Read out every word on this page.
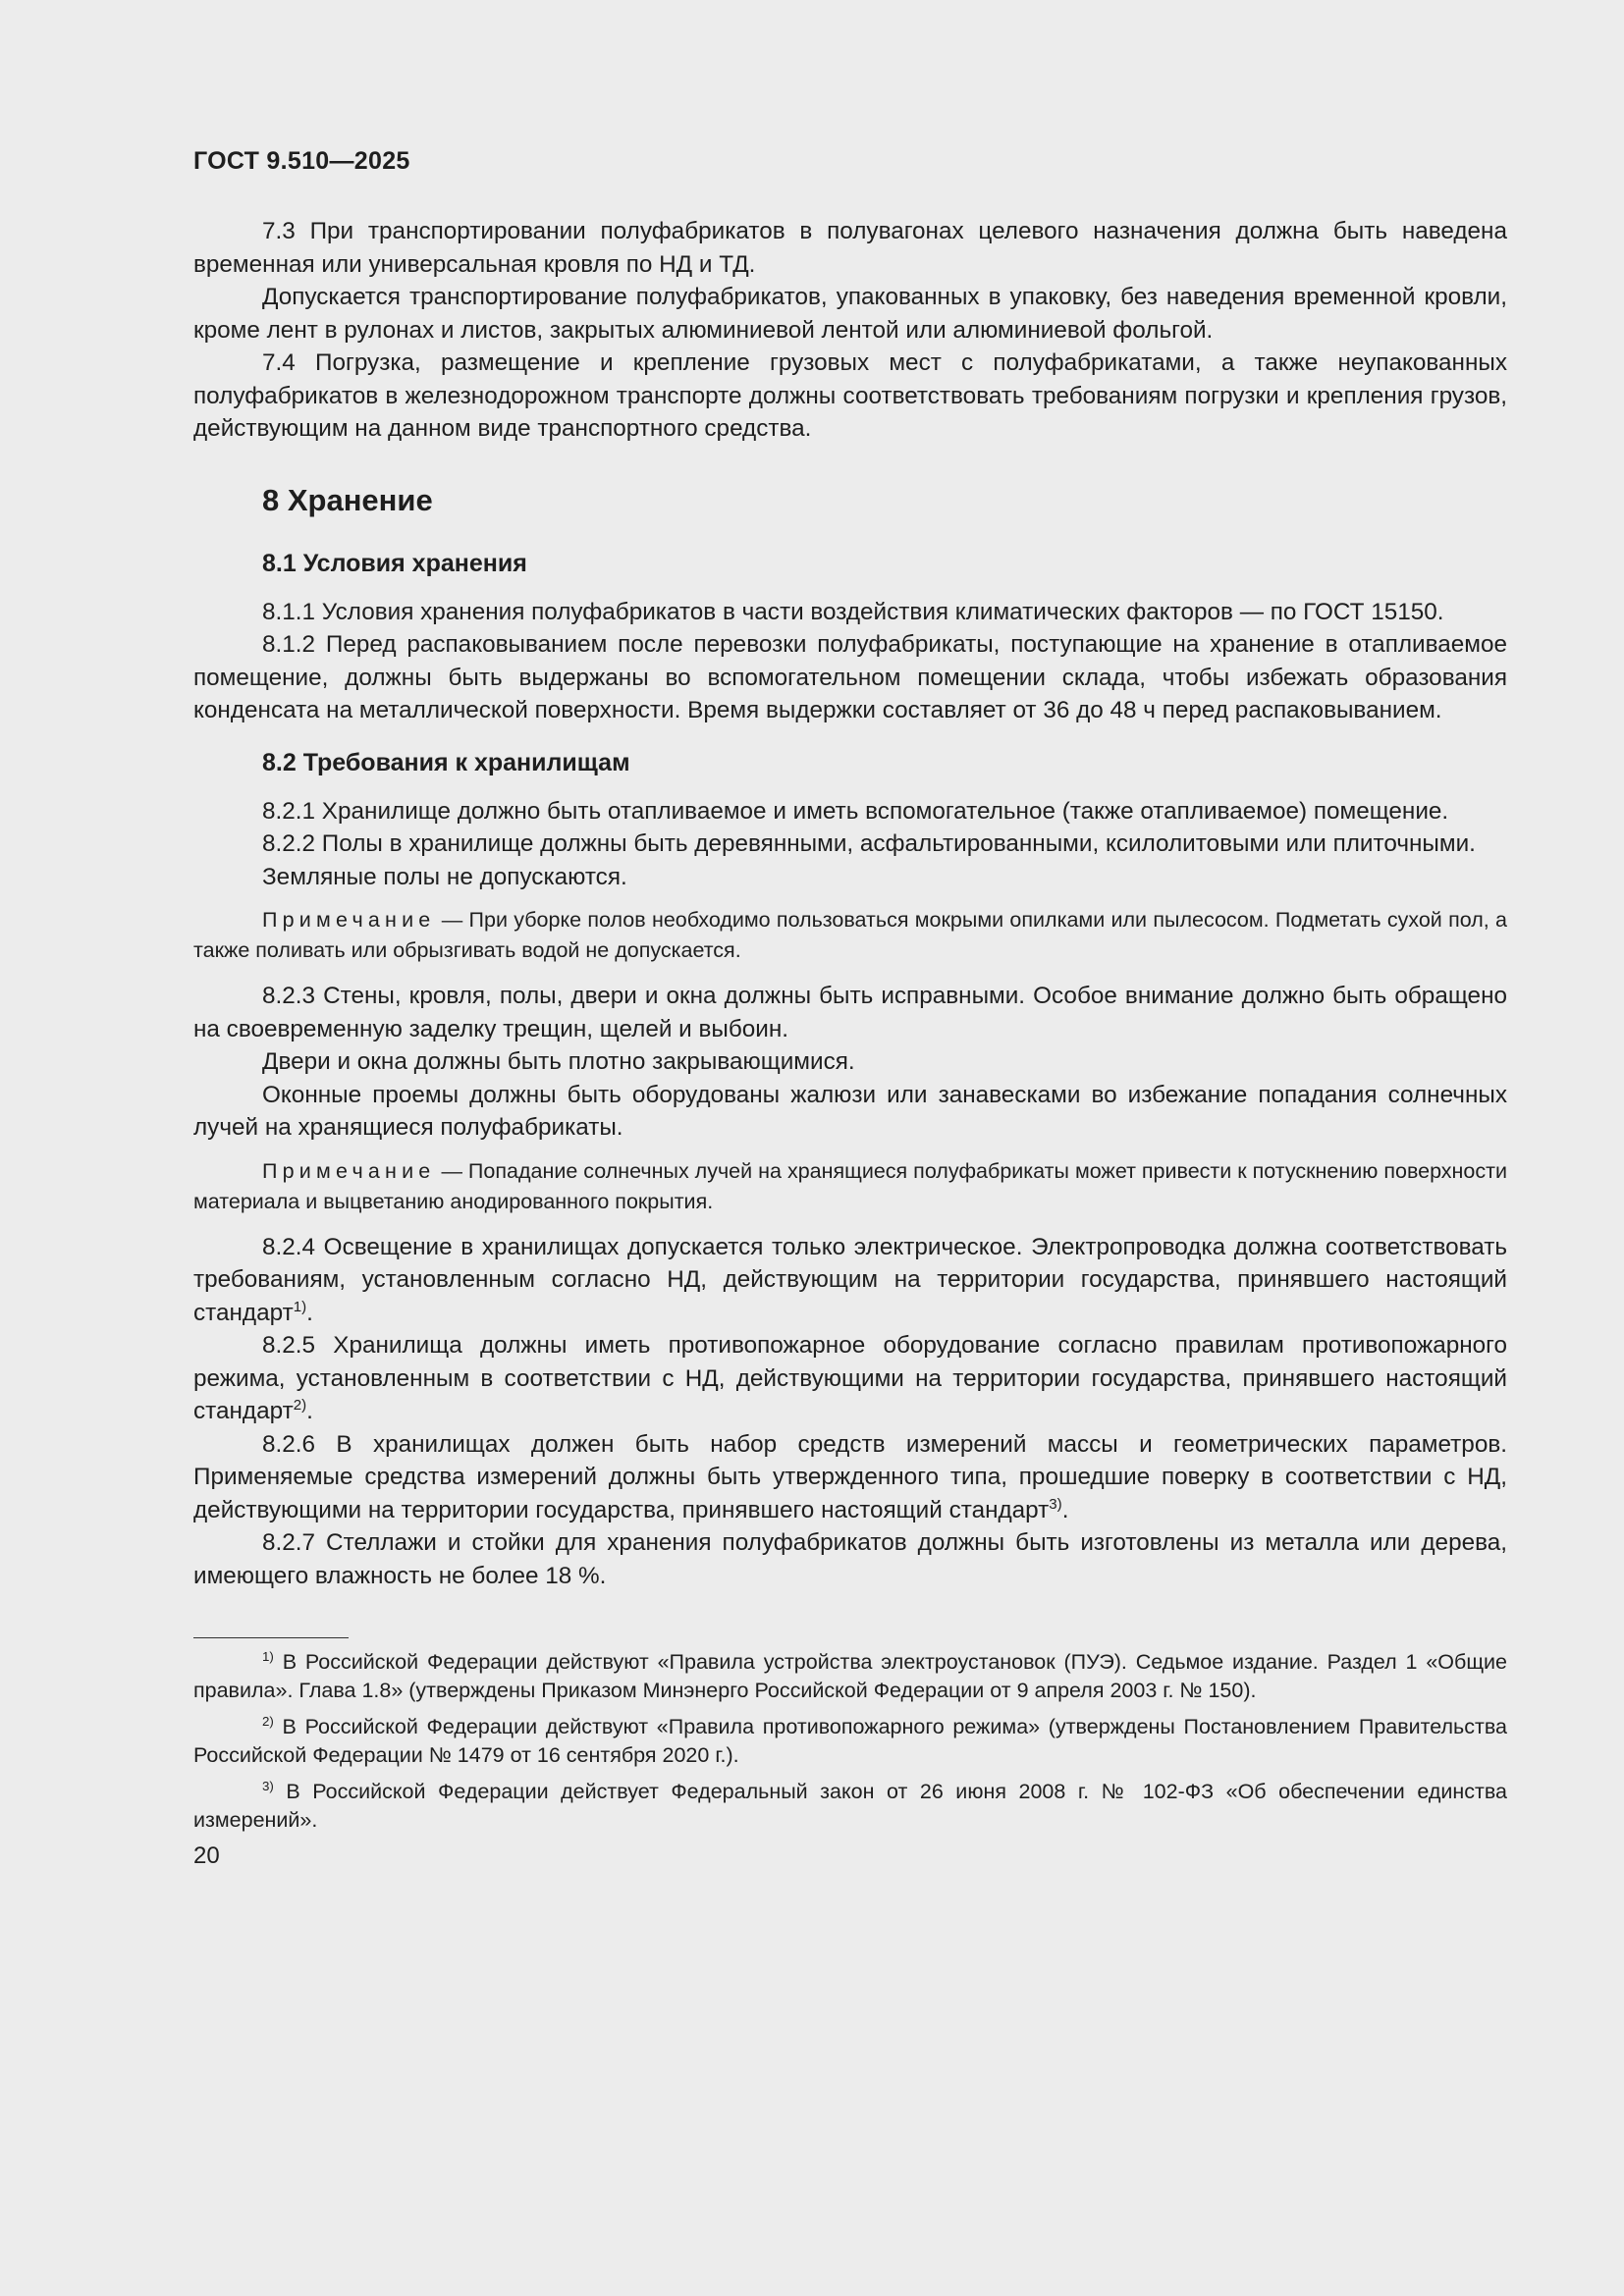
ГОСТ 9.510—2025

7.3 При транспортировании полуфабрикатов в полувагонах целевого назначения должна быть наведена временная или универсальная кровля по НД и ТД.

Допускается транспортирование полуфабрикатов, упакованных в упаковку, без наведения временной кровли, кроме лент в рулонах и листов, закрытых алюминиевой лентой или алюминиевой фольгой.

7.4 Погрузка, размещение и крепление грузовых мест с полуфабрикатами, а также неупакованных полуфабрикатов в железнодорожном транспорте должны соответствовать требованиям погрузки и крепления грузов, действующим на данном виде транспортного средства.

8 Хранение
8.1 Условия хранения

8.1.1 Условия хранения полуфабрикатов в части воздействия климатических факторов — по ГОСТ 15150.

8.1.2 Перед распаковыванием после перевозки полуфабрикаты, поступающие на хранение в отапливаемое помещение, должны быть выдержаны во вспомогательном помещении склада, чтобы избежать образования конденсата на металлической поверхности. Время выдержки составляет от 36 до 48 ч перед распаковыванием.

8.2 Требования к хранилищам

8.2.1 Хранилище должно быть отапливаемое и иметь вспомогательное (также отапливаемое) помещение.

8.2.2 Полы в хранилище должны быть деревянными, асфальтированными, ксилолитовыми или плиточными.

Земляные полы не допускаются.

Примечание — При уборке полов необходимо пользоваться мокрыми опилками или пылесосом. Подметать сухой пол, а также поливать или обрызгивать водой не допускается.

8.2.3 Стены, кровля, полы, двери и окна должны быть исправными. Особое внимание должно быть обращено на своевременную заделку трещин, щелей и выбоин.

Двери и окна должны быть плотно закрывающимися.

Оконные проемы должны быть оборудованы жалюзи или занавесками во избежание попадания солнечных лучей на хранящиеся полуфабрикаты.

Примечание — Попадание солнечных лучей на хранящиеся полуфабрикаты может привести к потускнению поверхности материала и выцветанию анодированного покрытия.

8.2.4 Освещение в хранилищах допускается только электрическое. Электропроводка должна соответствовать требованиям, установленным согласно НД, действующим на территории государства, принявшего настоящий стандарт$^{1)}$.

8.2.5 Хранилища должны иметь противопожарное оборудование согласно правилам противопожарного режима, установленным в соответствии с НД, действующими на территории государства, принявшего настоящий стандарт$^{2)}$.

8.2.6 В хранилищах должен быть набор средств измерений массы и геометрических параметров. Применяемые средства измерений должны быть утвержденного типа, прошедшие поверку в соответствии с НД, действующими на территории государства, принявшего настоящий стандарт$^{3)}$.

8.2.7 Стеллажи и стойки для хранения полуфабрикатов должны быть изготовлены из металла или дерева, имеющего влажность не более 18 %.

$^{1)}$ В Российской Федерации действуют «Правила устройства электроустановок (ПУЭ). Седьмое издание. Раздел 1 «Общие правила». Глава 1.8» (утверждены Приказом Минэнерго Российской Федерации от 9 апреля 2003 г. № 150).

$^{2)}$ В Российской Федерации действуют «Правила противопожарного режима» (утверждены Постановлением Правительства Российской Федерации № 1479 от 16 сентября 2020 г.).

$^{3)}$ В Российской Федерации действует Федеральный закон от 26 июня 2008 г. № 102-ФЗ «Об обеспечении единства измерений».

20
